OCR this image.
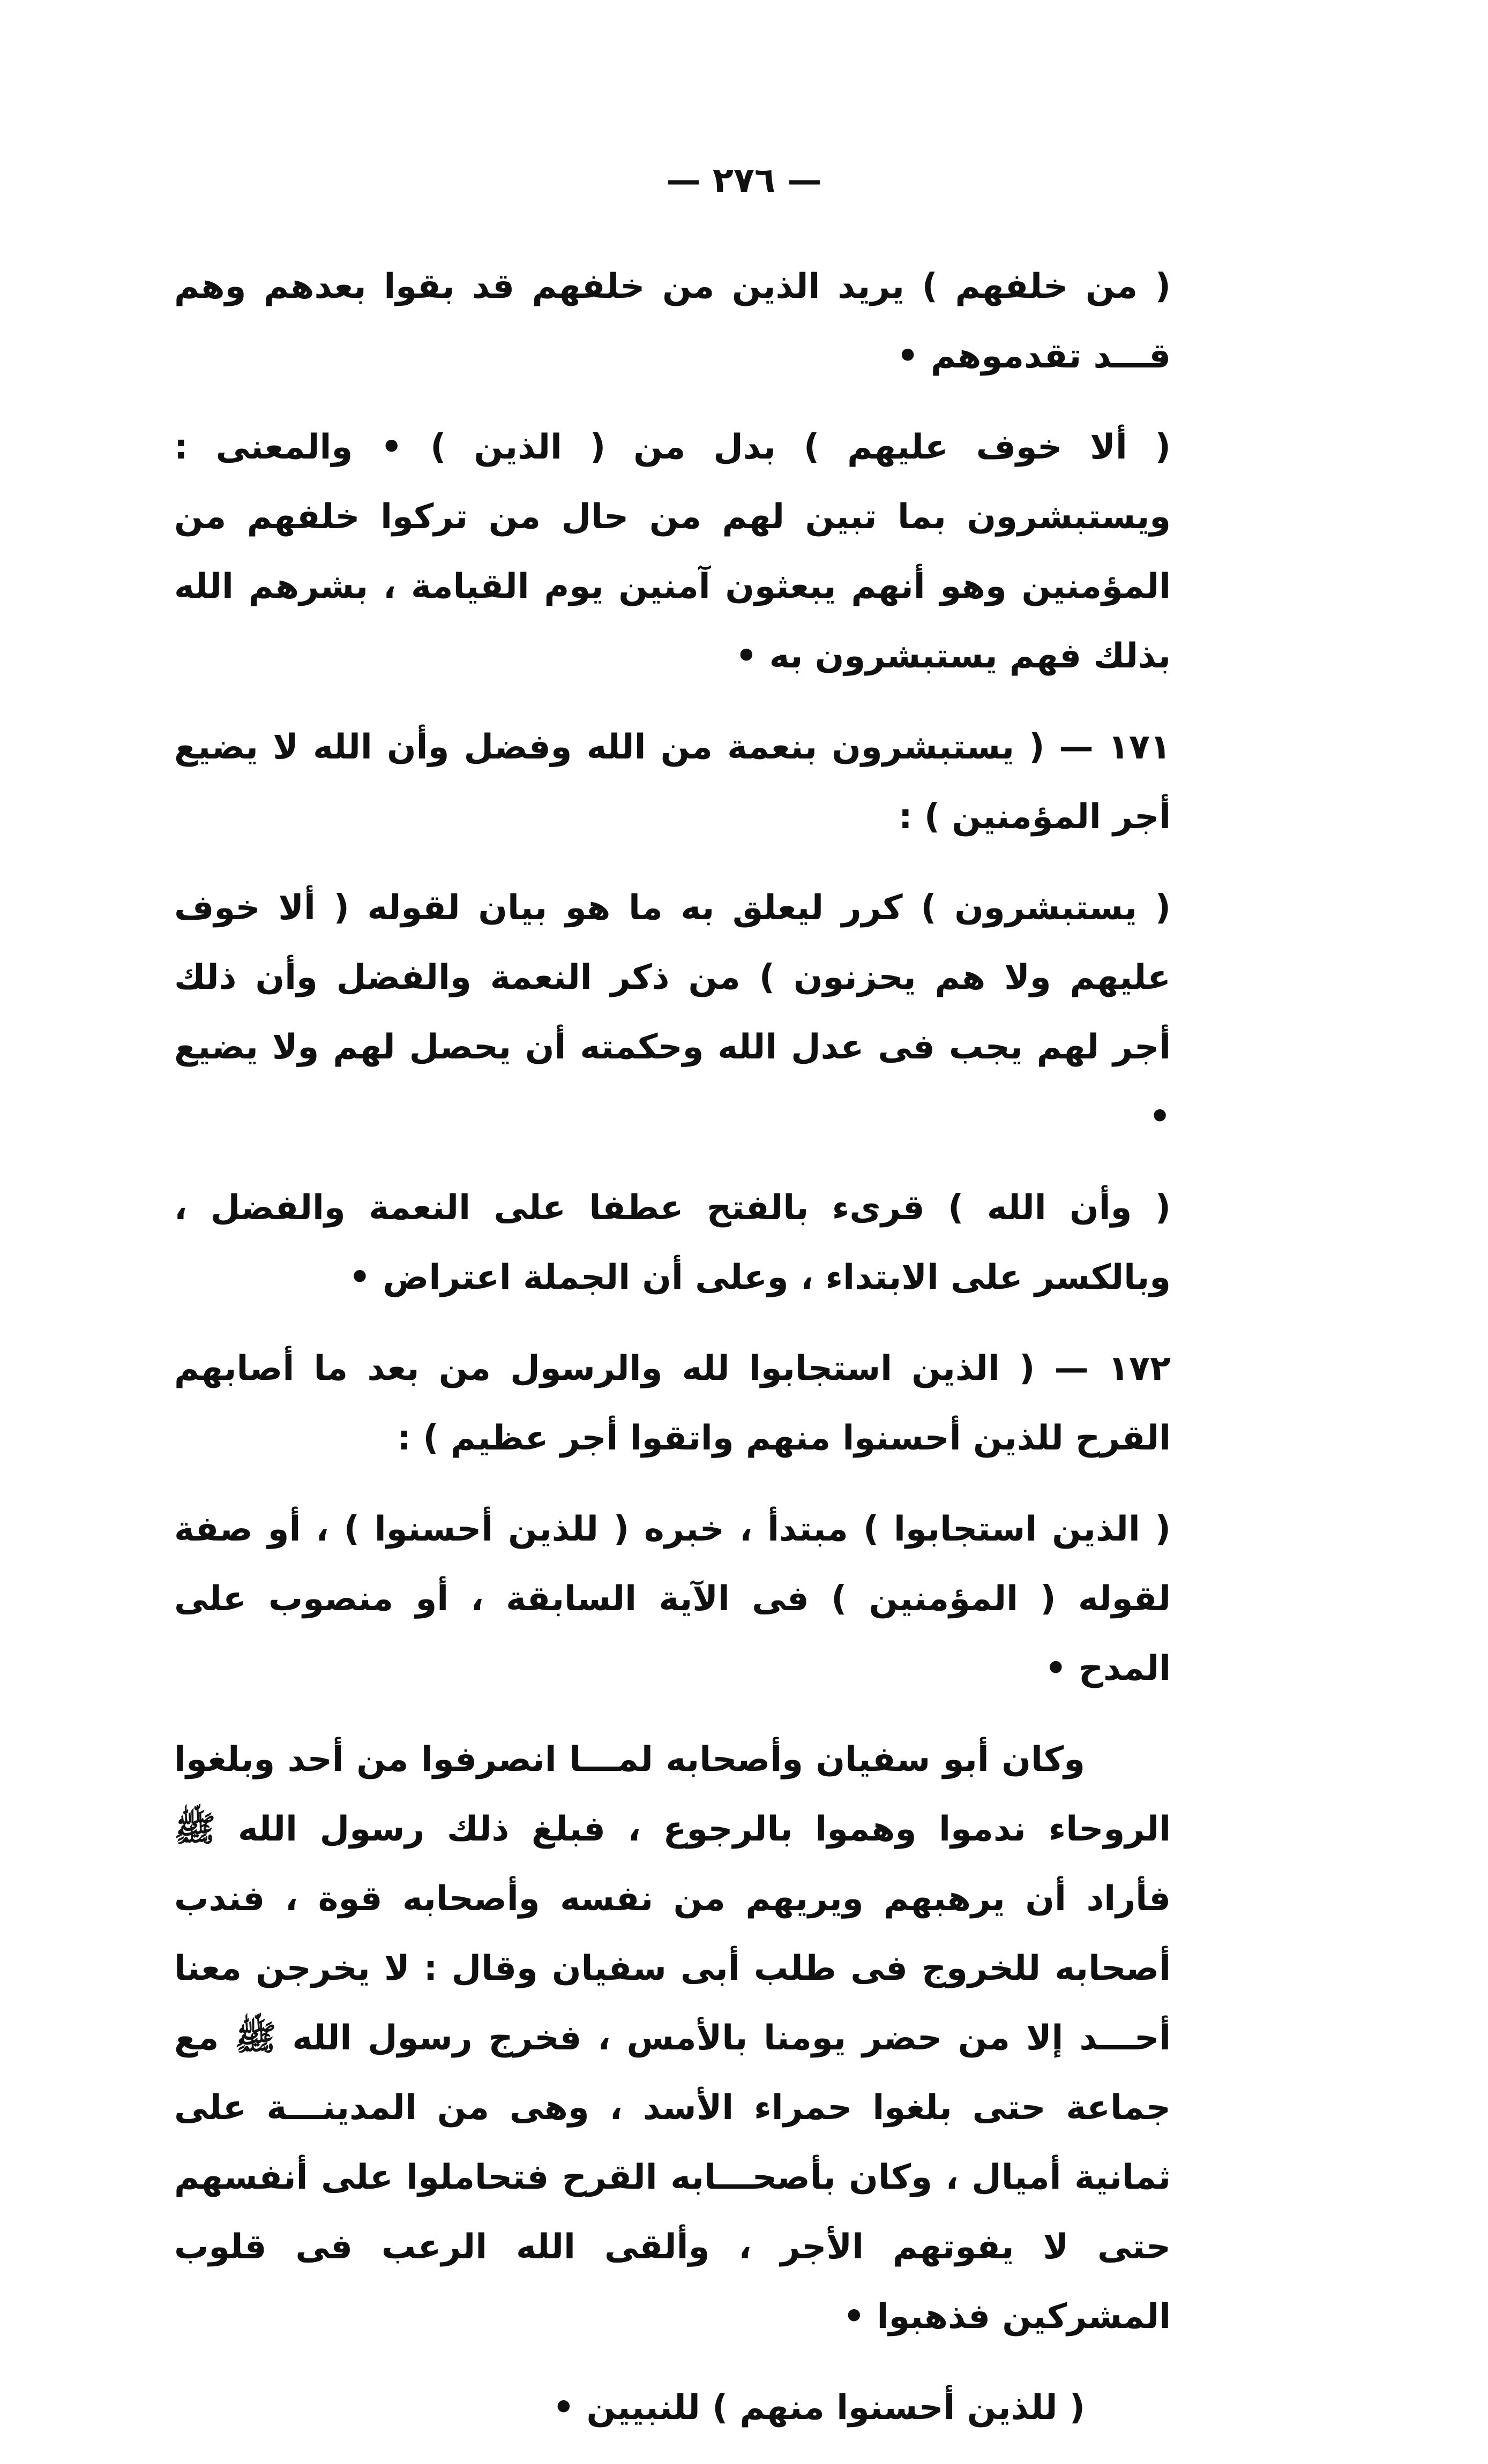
— ٢٧٦ —

( من خلفهم ) يريد الذين من خلفهم قد بقوا بعدهم وهم قـــد تقدموهم •

( ألا خوف عليهم ) بدل من ( الذين ) • والمعنى : ويستبشرون بما تبين لهم من حال من تركوا خلفهم من المؤمنين وهو أنهم يبعثون آمنين يوم القيامة ، بشرهم الله بذلك فهم يستبشرون به •

١٧١ — ( يستبشرون بنعمة من الله وفضل وأن الله لا يضيع أجر المؤمنين ) :

( يستبشرون ) كرر ليعلق به ما هو بيان لقوله ( ألا خوف عليهم ولا هم يحزنون ) من ذكر النعمة والفضل وأن ذلك أجر لهم يجب فى عدل الله وحكمته أن يحصل لهم ولا يضيع •

( وأن الله ) قرىء بالفتح عطفا على النعمة والفضل ، وبالكسر على الابتداء ، وعلى أن الجملة اعتراض •

١٧٢ — ( الذين استجابوا لله والرسول من بعد ما أصابهم القرح للذين أحسنوا منهم واتقوا أجر عظيم ) :

( الذين استجابوا ) مبتدأ ، خبره ( للذين أحسنوا ) ، أو صفة لقوله ( المؤمنين ) فى الآية السابقة ، أو منصوب على المدح •

وكان أبو سفيان وأصحابه لمـــا انصرفوا من أحد وبلغوا الروحاء ندموا وهموا بالرجوع ، فبلغ ذلك رسول الله ﷺ فأراد أن يرهبهم ويريهم من نفسه وأصحابه قوة ، فندب أصحابه للخروج فى طلب أبى سفيان وقال : لا يخرجن معنا أحـــد إلا من حضر يومنا بالأمس ، فخرج رسول الله ﷺ مع جماعة حتى بلغوا حمراء الأسد ، وهى من المدينـــة على ثمانية أميال ، وكان بأصحـــابه القرح فتحاملوا على أنفسهم حتى لا يفوتهم الأجر ، وألقى الله الرعب فى قلوب المشركين فذهبوا •

( للذين أحسنوا منهم ) للنبيين •
